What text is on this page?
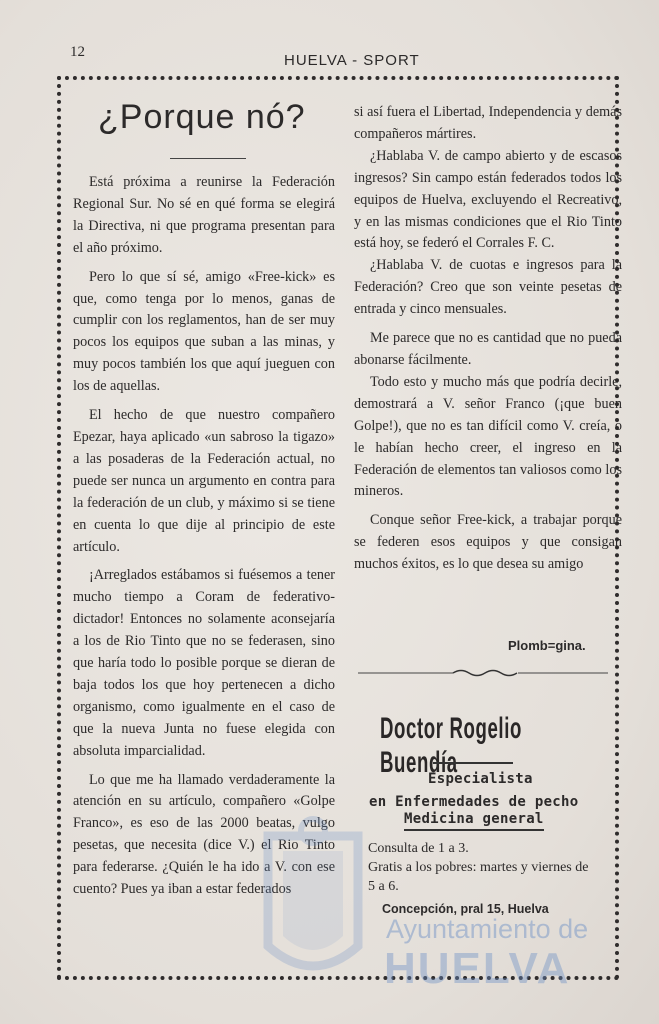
12	HUELVA - SPORT
¿Porque nó?

Está próxima a reunirse la Federación Regional Sur. No sé en qué forma se elegirá la Directiva, ni que programa presentan para el año próximo.

Pero lo que sí sé, amigo «Free-kick» es que, como tenga por lo menos, ganas de cumplir con los reglamentos, han de ser muy pocos los equipos que suban a las minas, y muy pocos también los que aquí jueguen con los de aquellas.

El hecho de que nuestro compañero Epezar, haya aplicado «un sabroso la tigazo» a las posaderas de la Federación actual, no puede ser nunca un argumento en contra para la federación de un club, y máximo si se tiene en cuenta lo que dije al principio de este artículo.

¡Arreglados estábamos si fuésemos a tener mucho tiempo a Coram de federativo-dictador! Entonces no solamente aconsejaría a los de Rio Tinto que no se federasen, sino que haría todo lo posible porque se dieran de baja todos los que hoy pertenecen a dicho organismo, como igualmente en el caso de que la nueva Junta no fuese elegida con absoluta imparcialidad.

Lo que me ha llamado verdaderamente la atención en su artículo, compañero «Golpe Franco», es eso de las 2000 beatas, vulgo pesetas, que necesita (dice V.) el Rio Tinto para federarse. ¿Quién le ha ido a V. con ese cuento? Pues ya iban a estar federados

si así fuera el Libertad, Independencia y demás compañeros mártires.

¿Hablaba V. de campo abierto y de escasos ingresos? Sin campo están federados todos los equipos de Huelva, excluyendo el Recreativo, y en las mismas condiciones que el Rio Tinto está hoy, se federó el Corrales F. C.

¿Hablaba V. de cuotas e ingresos para la Federación? Creo que son veinte pesetas de entrada y cinco mensuales.

Me parece que no es cantidad que no pueda abonarse fácilmente.

Todo esto y mucho más que podría decirle, demostrará a V. señor Franco (¡que buen Golpe!), que no es tan difícil como V. creía, o le habían hecho creer, el ingreso en la Federación de elementos tan valiosos como los mineros.

Conque señor Free-kick, a trabajar porque se federen esos equipos y que consigan muchos éxitos, es lo que desea su amigo

Plomb=gina.
Doctor Rogelio Buendía
Especialista
en Enfermedades de pecho
Medicina general
Consulta de 1 a 3.
Gratis a los pobres: martes y viernes de 5 a 6.
Concepción, pral 15, Huelva
Ayuntamiento de
HUELVA
